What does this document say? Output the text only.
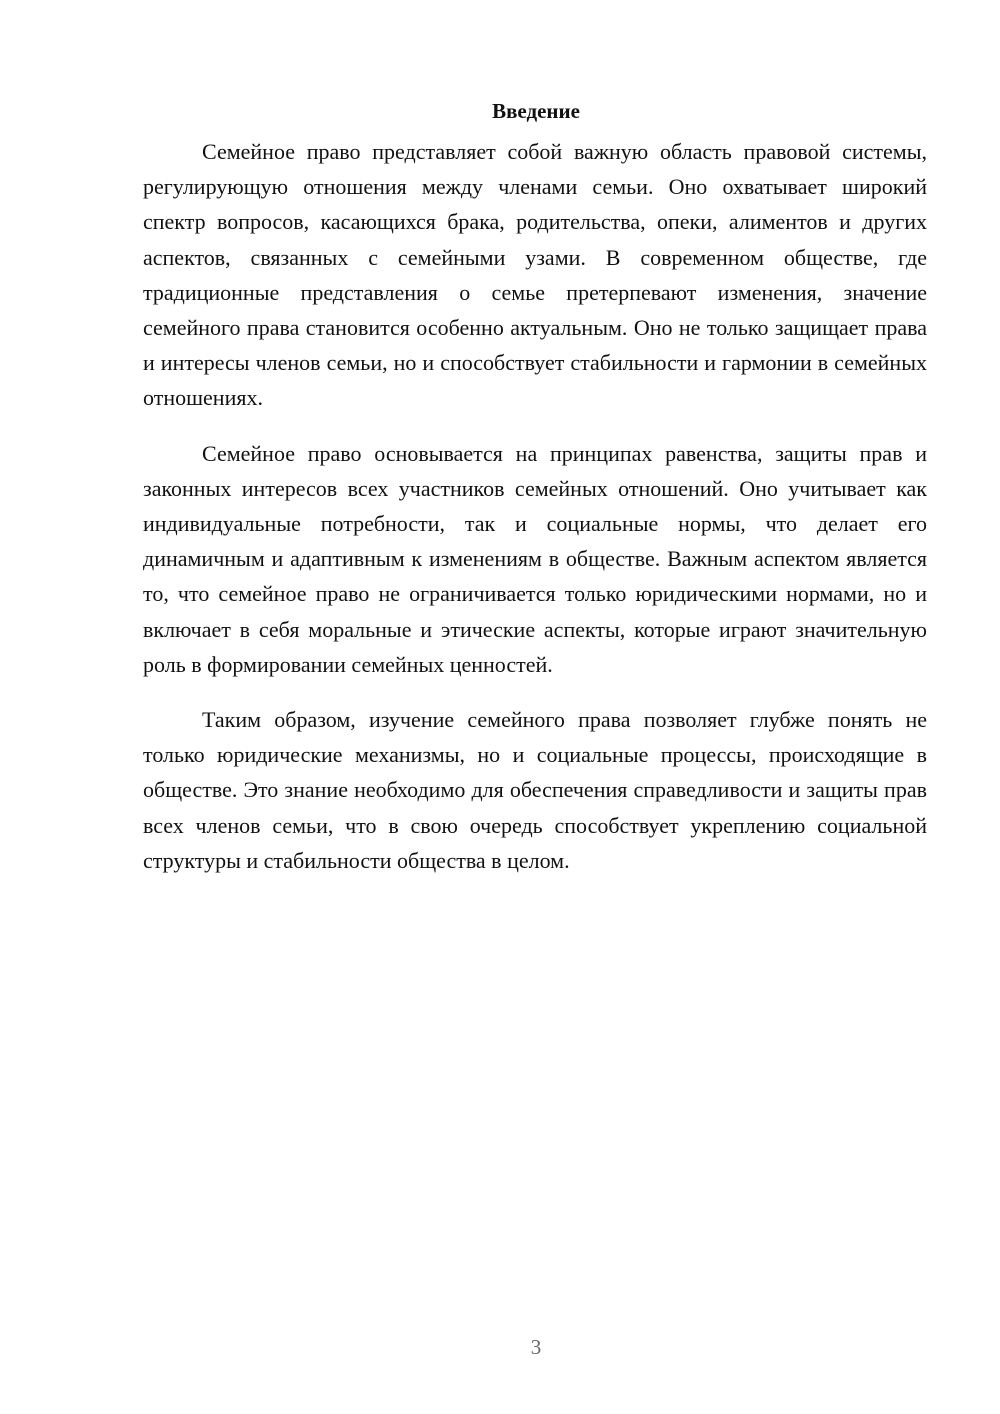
Введение

Семейное право представляет собой важную область правовой системы, регулирующую отношения между членами семьи. Оно охватывает широкий спектр вопросов, касающихся брака, родительства, опеки, алиментов и других аспектов, связанных с семейными узами. В современном обществе, где традиционные представления о семье претерпевают изменения, значение семейного права становится особенно актуальным. Оно не только защищает права и интересы членов семьи, но и способствует стабильности и гармонии в семейных отношениях.

Семейное право основывается на принципах равенства, защиты прав и законных интересов всех участников семейных отношений. Оно учитывает как индивидуальные потребности, так и социальные нормы, что делает его динамичным и адаптивным к изменениям в обществе. Важным аспектом является то, что семейное право не ограничивается только юридическими нормами, но и включает в себя моральные и этические аспекты, которые играют значительную роль в формировании семейных ценностей.

Таким образом, изучение семейного права позволяет глубже понять не только юридические механизмы, но и социальные процессы, происходящие в обществе. Это знание необходимо для обеспечения справедливости и защиты прав всех членов семьи, что в свою очередь способствует укреплению социальной структуры и стабильности общества в целом.

3
